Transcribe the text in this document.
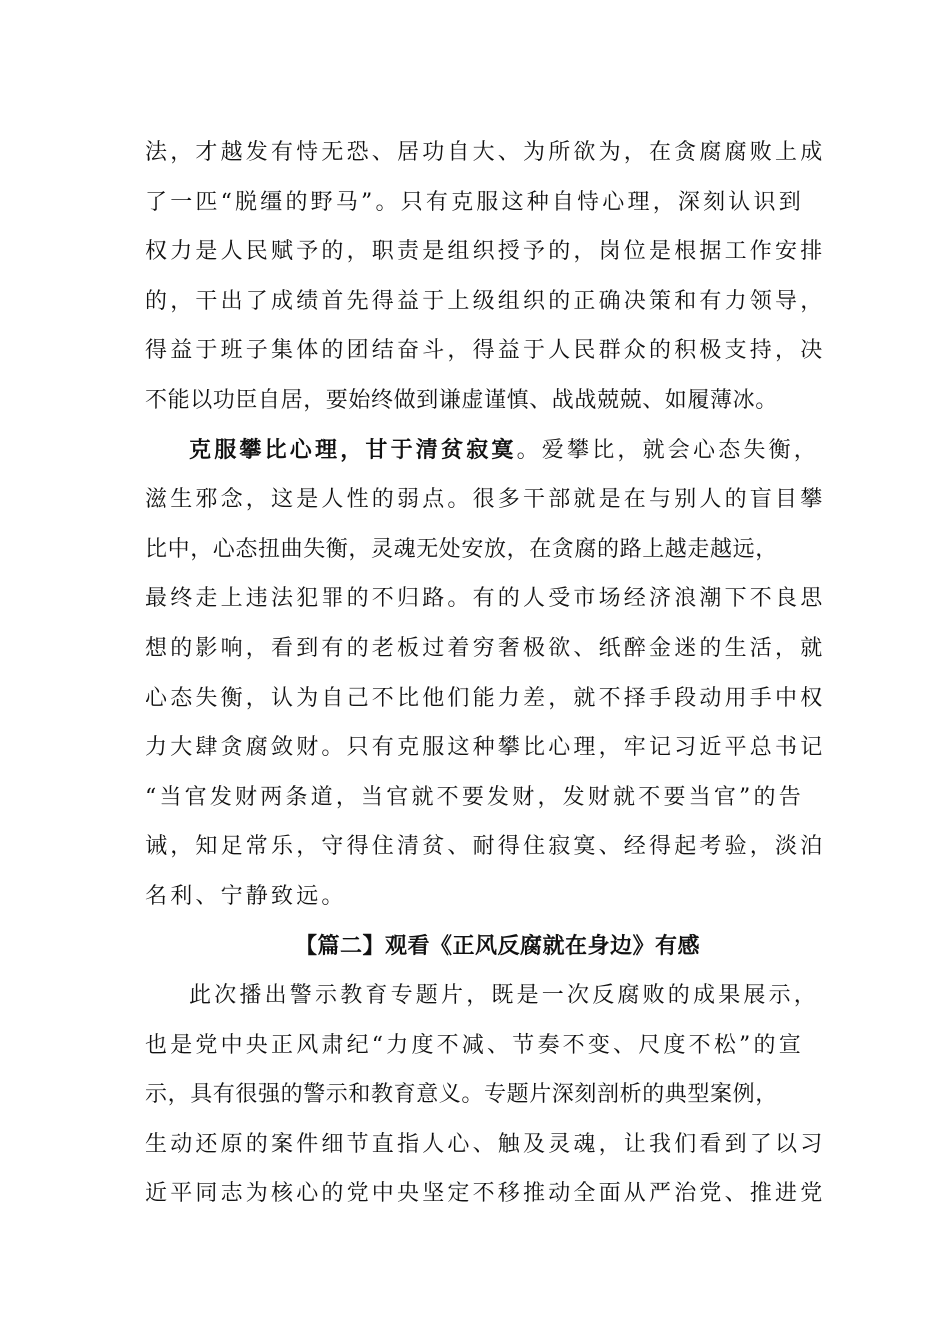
法，才越发有恃无恐、居功自大、为所欲为，在贪腐腐败上成
了一匹“脱缰的野马”。只有克服这种自恃心理，深刻认识到
权力是人民赋予的，职责是组织授予的，岗位是根据工作安排
的，干出了成绩首先得益于上级组织的正确决策和有力领导，
得益于班子集体的团结奋斗，得益于人民群众的积极支持，决
不能以功臣自居，要始终做到谦虚谨慎、战战兢兢、如履薄冰。
克服攀比心理，甘于清贫寂寞。爱攀比，就会心态失衡，
滋生邪念，这是人性的弱点。很多干部就是在与别人的盲目攀
比中，心态扭曲失衡，灵魂无处安放，在贪腐的路上越走越远，
最终走上违法犯罪的不归路。有的人受市场经济浪潮下不良思
想的影响，看到有的老板过着穷奢极欲、纸醉金迷的生活，就
心态失衡，认为自己不比他们能力差，就不择手段动用手中权
力大肆贪腐敛财。只有克服这种攀比心理，牢记习近平总书记
“当官发财两条道，当官就不要发财，发财就不要当官”的告
诫，知足常乐，守得住清贫、耐得住寂寞、经得起考验，淡泊
名利、宁静致远。
【篇二】观看《正风反腐就在身边》有感
此次播出警示教育专题片，既是一次反腐败的成果展示，
也是党中央正风肃纪“力度不减、节奏不变、尺度不松”的宣
示，具有很强的警示和教育意义。专题片深刻剖析的典型案例，
生动还原的案件细节直指人心、触及灵魂，让我们看到了以习
近平同志为核心的党中央坚定不移推动全面从严治党、推进党
